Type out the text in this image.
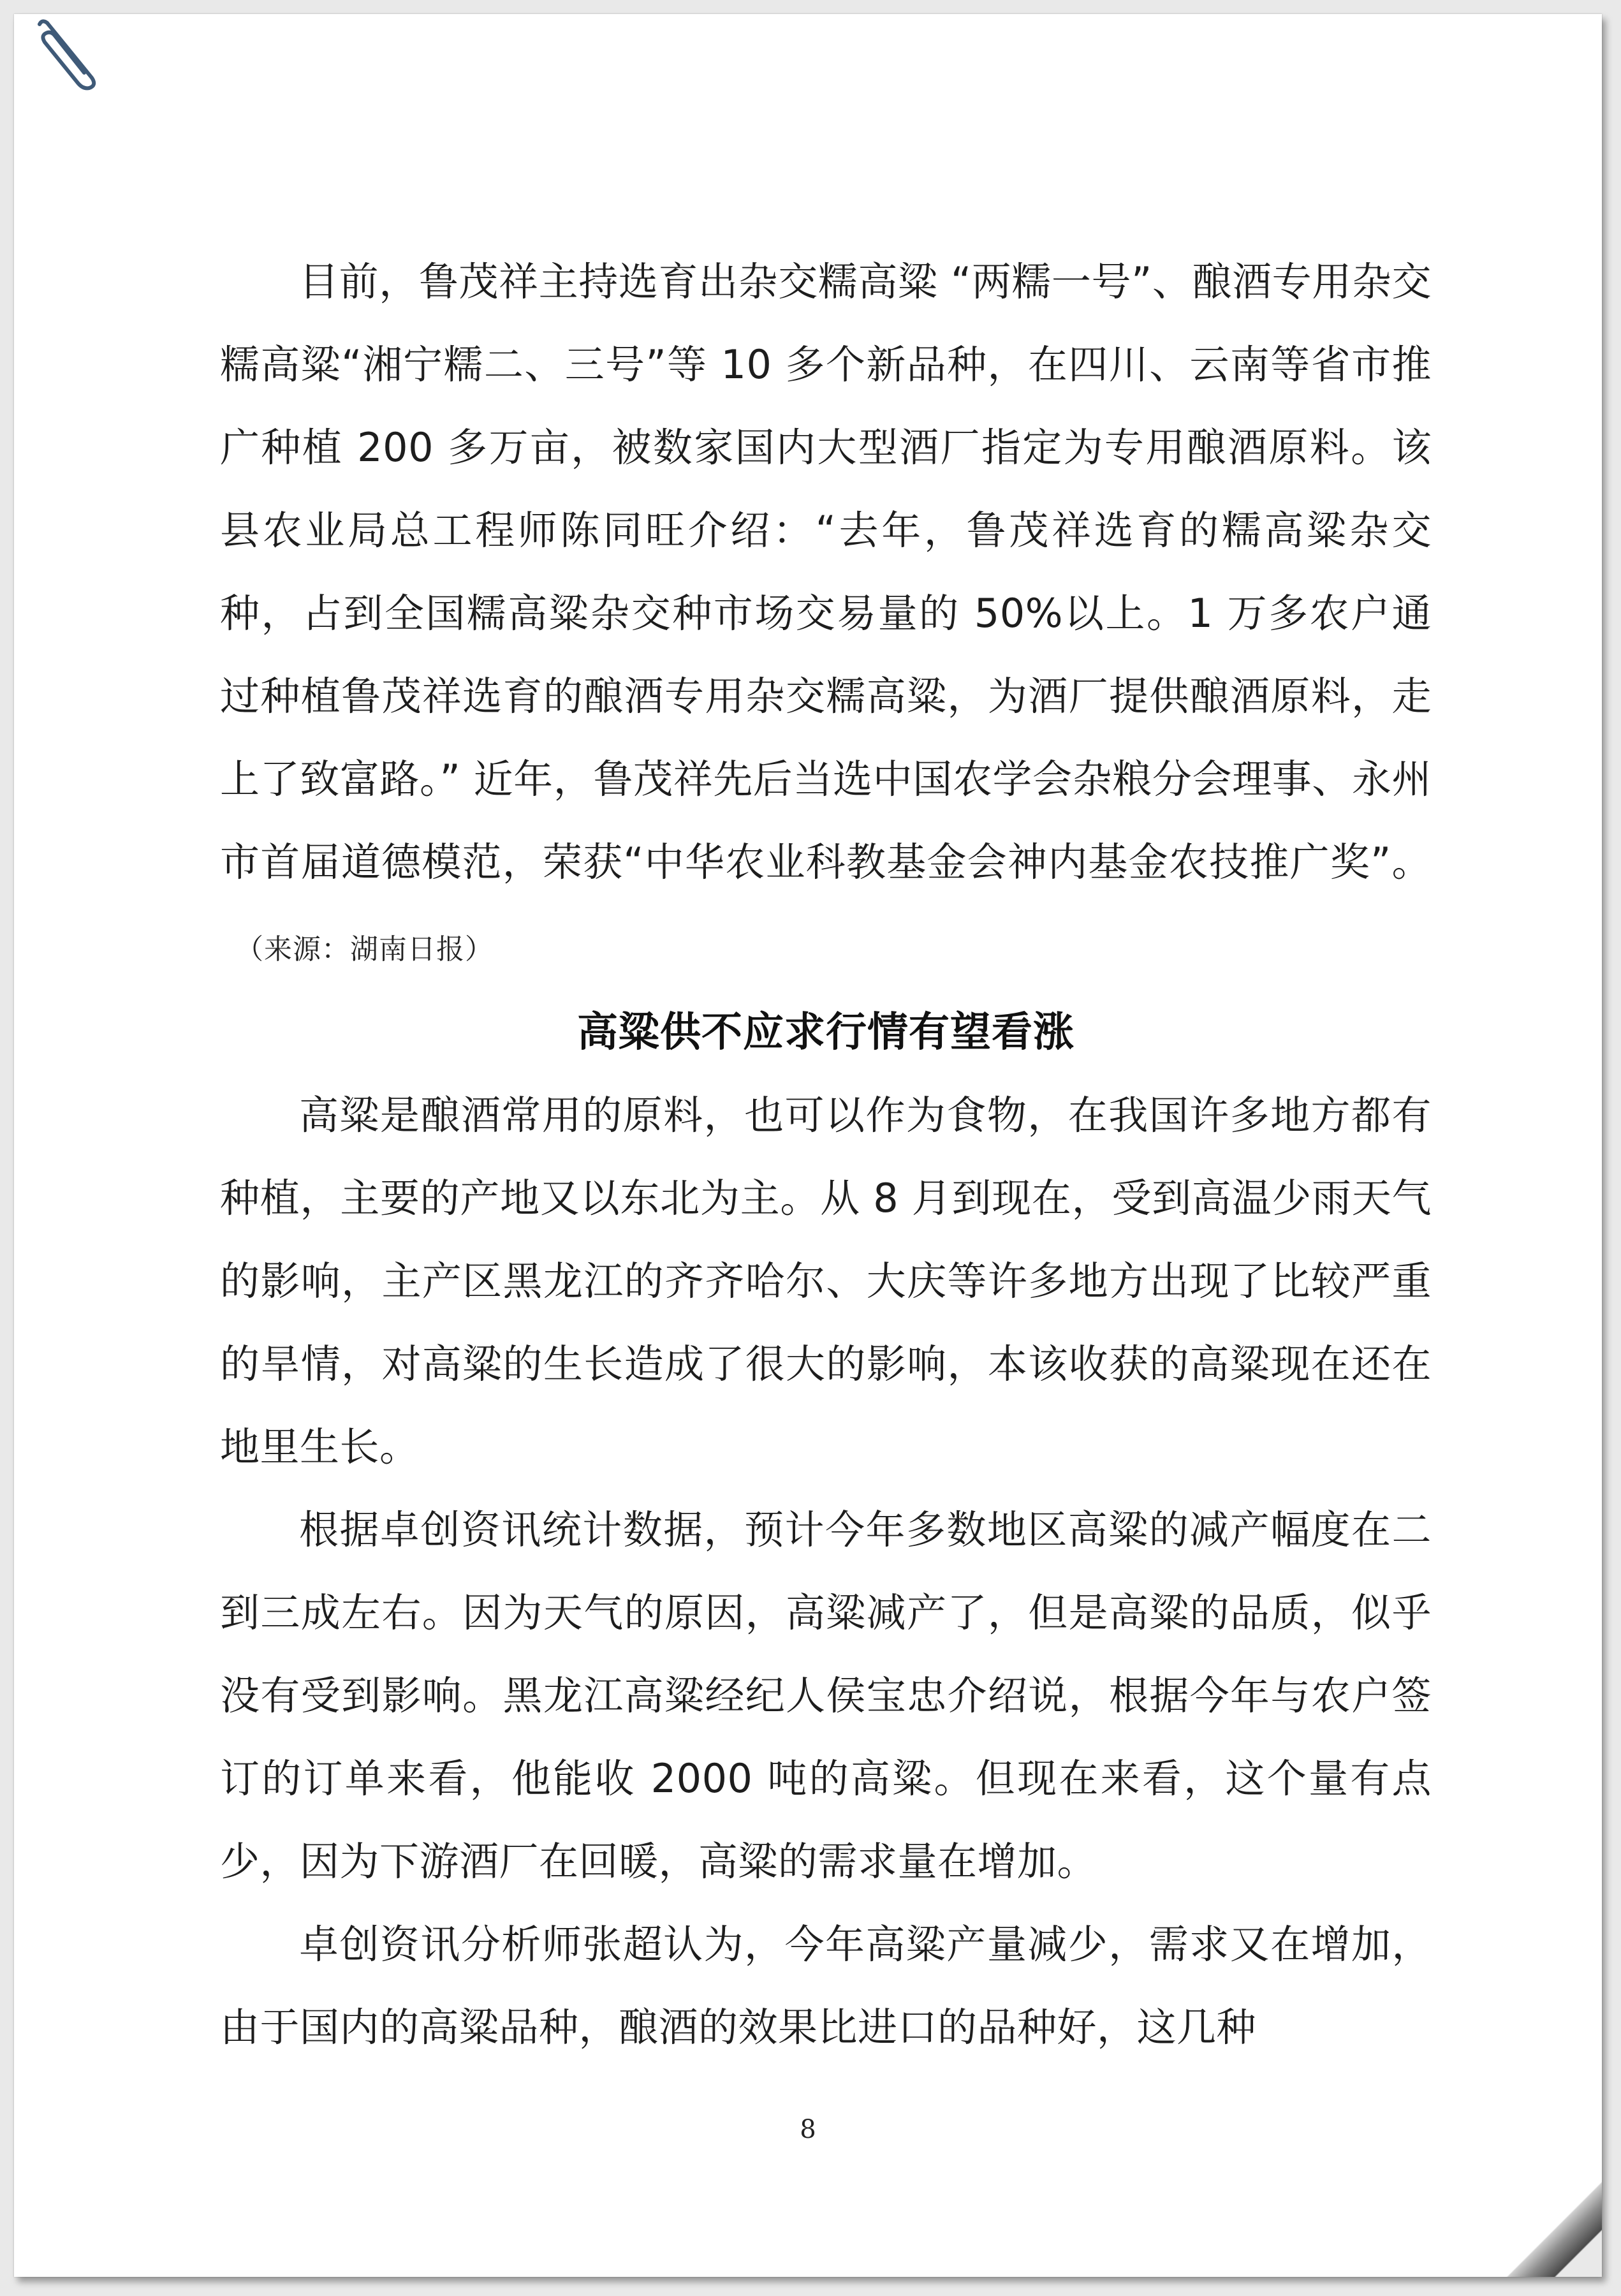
目前，鲁茂祥主持选育出杂交糯高粱 “两糯一号”、酿酒专用杂交糯高粱“湘宁糯二、三号”等 10 多个新品种，在四川、云南等省市推广种植 200 多万亩，被数家国内大型酒厂指定为专用酿酒原料。该县农业局总工程师陈同旺介绍：“去年，鲁茂祥选育的糯高粱杂交种，占到全国糯高粱杂交种市场交易量的 50%以上。1 万多农户通过种植鲁茂祥选育的酿酒专用杂交糯高粱，为酒厂提供酿酒原料，走上了致富路。” 近年，鲁茂祥先后当选中国农学会杂粮分会理事、永州市首届道德模范，荣获“中华农业科教基金会神内基金农技推广奖”。（来源：湖南日报）

高粱供不应求行情有望看涨

高粱是酿酒常用的原料，也可以作为食物，在我国许多地方都有种植，主要的产地又以东北为主。从 8 月到现在，受到高温少雨天气的影响，主产区黑龙江的齐齐哈尔、大庆等许多地方出现了比较严重的旱情，对高粱的生长造成了很大的影响，本该收获的高粱现在还在地里生长。

根据卓创资讯统计数据，预计今年多数地区高粱的减产幅度在二到三成左右。因为天气的原因，高粱减产了，但是高粱的品质，似乎没有受到影响。黑龙江高粱经纪人侯宝忠介绍说，根据今年与农户签订的订单来看，他能收 2000 吨的高粱。但现在来看，这个量有点少，因为下游酒厂在回暖，高粱的需求量在增加。

卓创资讯分析师张超认为，今年高粱产量减少，需求又在增加，由于国内的高粱品种，酿酒的效果比进口的品种好，这几种

8
